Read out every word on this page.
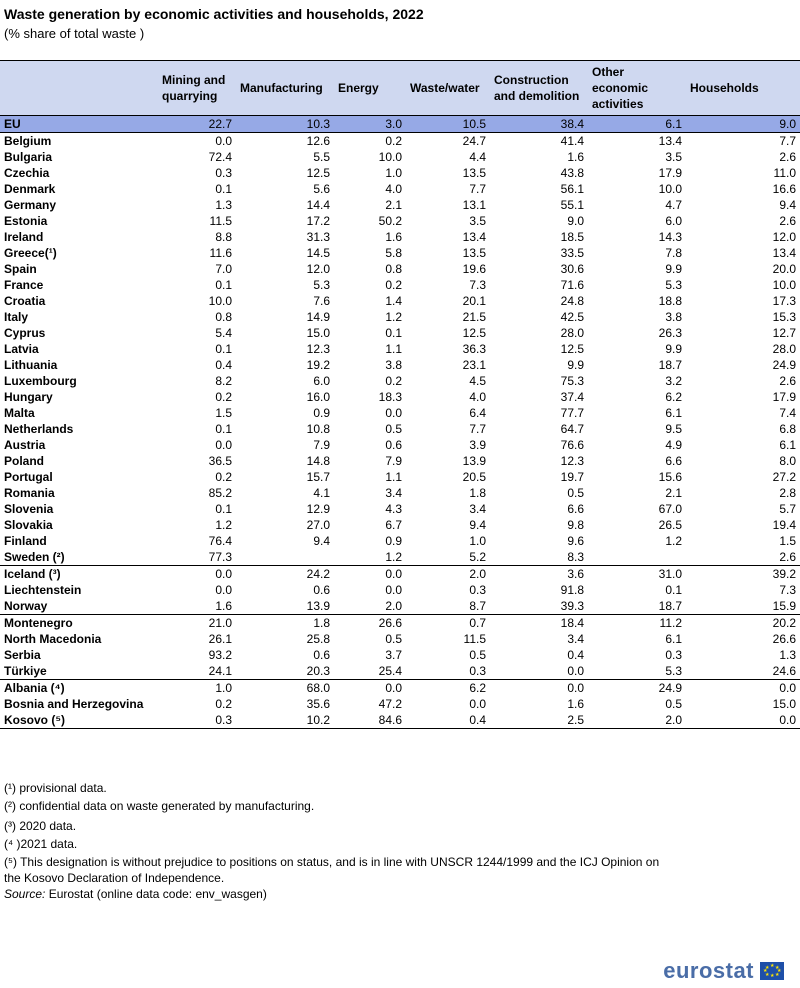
Waste generation by economic activities and households, 2022
(% share of total waste )
	Mining and quarrying	Manufacturing	Energy	Waste/water	Construction and demolition	Other economic activities	Households
EU	22.7	10.3	3.0	10.5	38.4	6.1	9.0
Belgium	0.0	12.6	0.2	24.7	41.4	13.4	7.7
Bulgaria	72.4	5.5	10.0	4.4	1.6	3.5	2.6
Czechia	0.3	12.5	1.0	13.5	43.8	17.9	11.0
Denmark	0.1	5.6	4.0	7.7	56.1	10.0	16.6
Germany	1.3	14.4	2.1	13.1	55.1	4.7	9.4
Estonia	11.5	17.2	50.2	3.5	9.0	6.0	2.6
Ireland	8.8	31.3	1.6	13.4	18.5	14.3	12.0
Greece(¹)	11.6	14.5	5.8	13.5	33.5	7.8	13.4
Spain	7.0	12.0	0.8	19.6	30.6	9.9	20.0
France	0.1	5.3	0.2	7.3	71.6	5.3	10.0
Croatia	10.0	7.6	1.4	20.1	24.8	18.8	17.3
Italy	0.8	14.9	1.2	21.5	42.5	3.8	15.3
Cyprus	5.4	15.0	0.1	12.5	28.0	26.3	12.7
Latvia	0.1	12.3	1.1	36.3	12.5	9.9	28.0
Lithuania	0.4	19.2	3.8	23.1	9.9	18.7	24.9
Luxembourg	8.2	6.0	0.2	4.5	75.3	3.2	2.6
Hungary	0.2	16.0	18.3	4.0	37.4	6.2	17.9
Malta	1.5	0.9	0.0	6.4	77.7	6.1	7.4
Netherlands	0.1	10.8	0.5	7.7	64.7	9.5	6.8
Austria	0.0	7.9	0.6	3.9	76.6	4.9	6.1
Poland	36.5	14.8	7.9	13.9	12.3	6.6	8.0
Portugal	0.2	15.7	1.1	20.5	19.7	15.6	27.2
Romania	85.2	4.1	3.4	1.8	0.5	2.1	2.8
Slovenia	0.1	12.9	4.3	3.4	6.6	67.0	5.7
Slovakia	1.2	27.0	6.7	9.4	9.8	26.5	19.4
Finland	76.4	9.4	0.9	1.0	9.6	1.2	1.5
Sweden (²)	77.3		1.2	5.2	8.3		2.6
Iceland (³)	0.0	24.2	0.0	2.0	3.6	31.0	39.2
Liechtenstein	0.0	0.6	0.0	0.3	91.8	0.1	7.3
Norway	1.6	13.9	2.0	8.7	39.3	18.7	15.9
Montenegro	21.0	1.8	26.6	0.7	18.4	11.2	20.2
North Macedonia	26.1	25.8	0.5	11.5	3.4	6.1	26.6
Serbia	93.2	0.6	3.7	0.5	0.4	0.3	1.3
Türkiye	24.1	20.3	25.4	0.3	0.0	5.3	24.6
Albania (⁴)	1.0	68.0	0.0	6.2	0.0	24.9	0.0
Bosnia and Herzegovina	0.2	35.6	47.2	0.0	1.6	0.5	15.0
Kosovo (⁵)	0.3	10.2	84.6	0.4	2.5	2.0	0.0
(¹) provisional data.
(²) confidential data on waste generated by manufacturing.
(³) 2020 data.
(⁴ )2021 data.
(⁵) This designation is without prejudice to positions on status, and is in line with UNSCR 1244/1999 and the ICJ Opinion on
the Kosovo Declaration of Independence.
Source: Eurostat (online data code: env_wasgen)
eurostat	★ ★
★
★
★
★
★
★
